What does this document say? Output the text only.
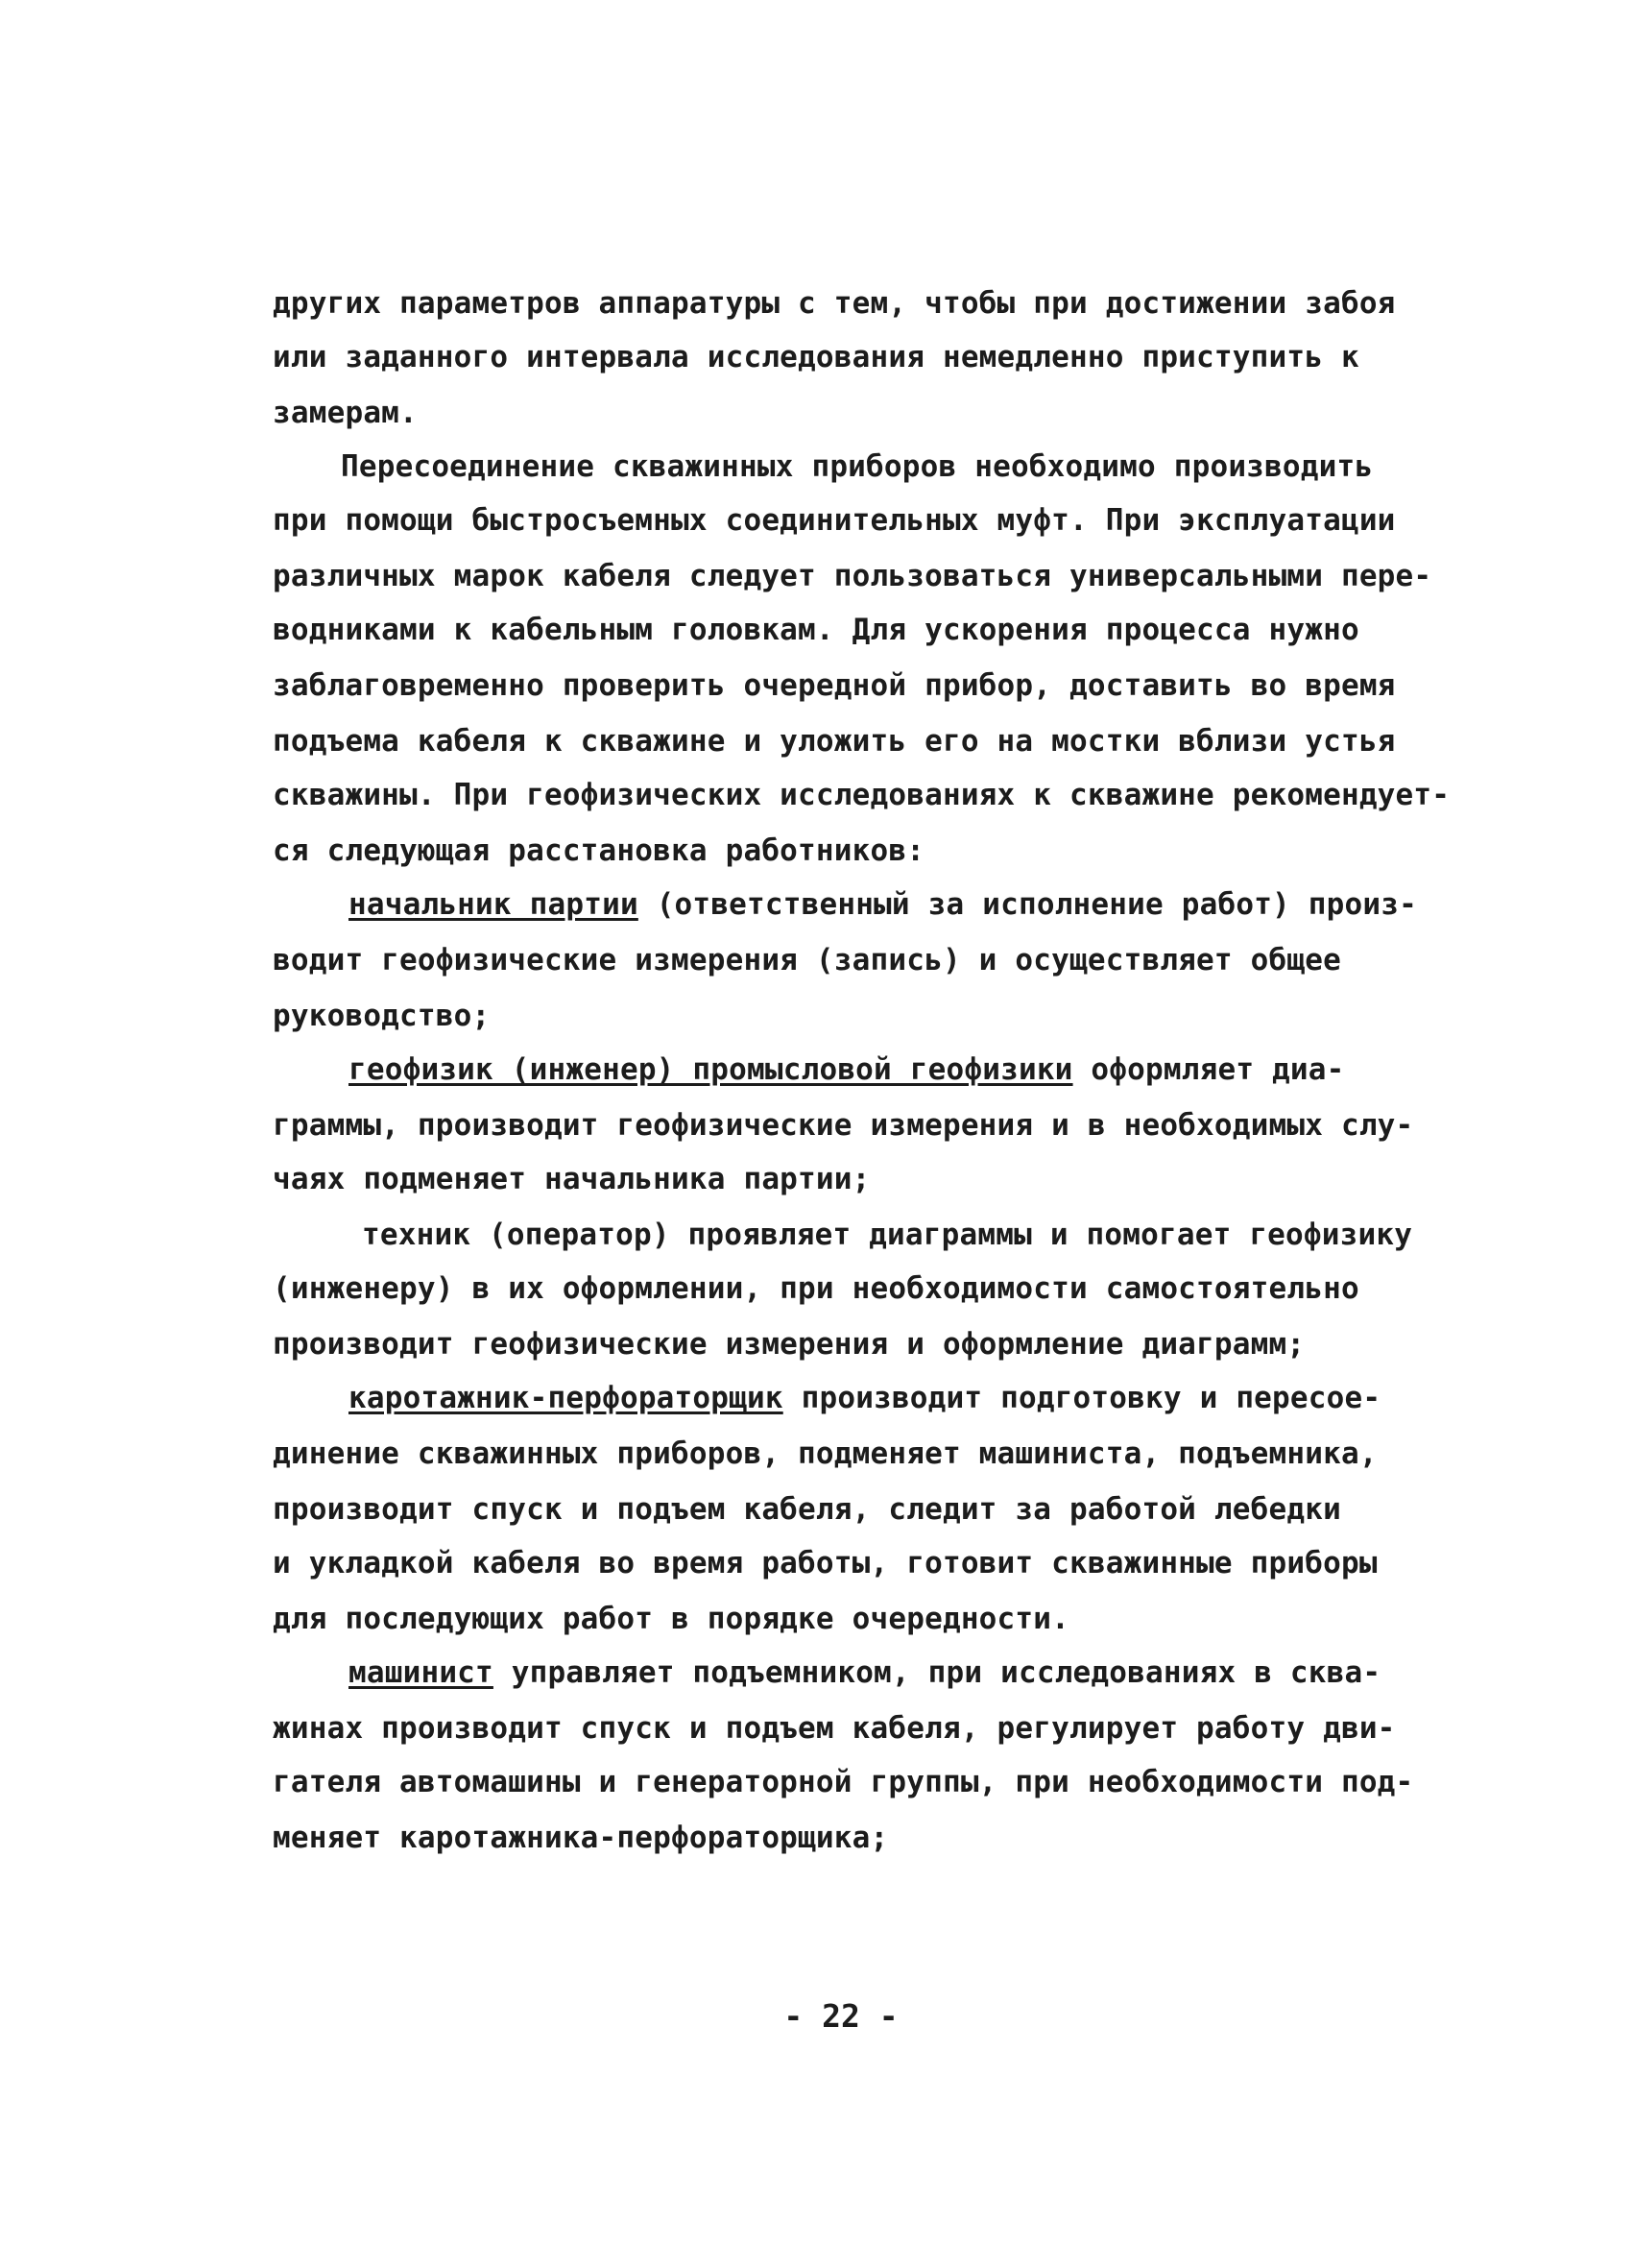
других параметров аппаратуры с тем, чтобы при достижении забоя
или заданного интервала исследования немедленно приступить к
замерам.
Пересоединение скважинных приборов необходимо производить
при помощи быстросъемных соединительных муфт. При эксплуатации
различных марок кабеля следует пользоваться универсальными пере-
водниками к кабельным головкам. Для ускорения процесса нужно
заблаговременно проверить очередной прибор, доставить во время
подъема кабеля к скважине и уложить его на мостки вблизи устья
скважины. При геофизических исследованиях к скважине рекомендует-
ся следующая расстановка работников:
начальник партии (ответственный за исполнение работ) произ-
водит геофизические измерения (запись) и осуществляет общее
руководство;
геофизик (инженер) промысловой геофизики оформляет диа-
граммы, производит геофизические измерения и в необходимых слу-
чаях подменяет начальника партии;
техник (оператор) проявляет диаграммы и помогает геофизику
(инженеру) в их оформлении, при необходимости самостоятельно
производит геофизические измерения и оформление диаграмм;
каротажник-перфораторщик производит подготовку и пересое-
динение скважинных приборов, подменяет машиниста, подъемника,
производит спуск и подъем кабеля, следит за работой лебедки
и укладкой кабеля во время работы, готовит скважинные приборы
для последующих работ в порядке очередности.
машинист управляет подъемником, при исследованиях в сква-
жинах производит спуск и подъем кабеля, регулирует работу дви-
гателя автомашины и генераторной группы, при необходимости под-
меняет каротажника-перфораторщика;
- 22 -
